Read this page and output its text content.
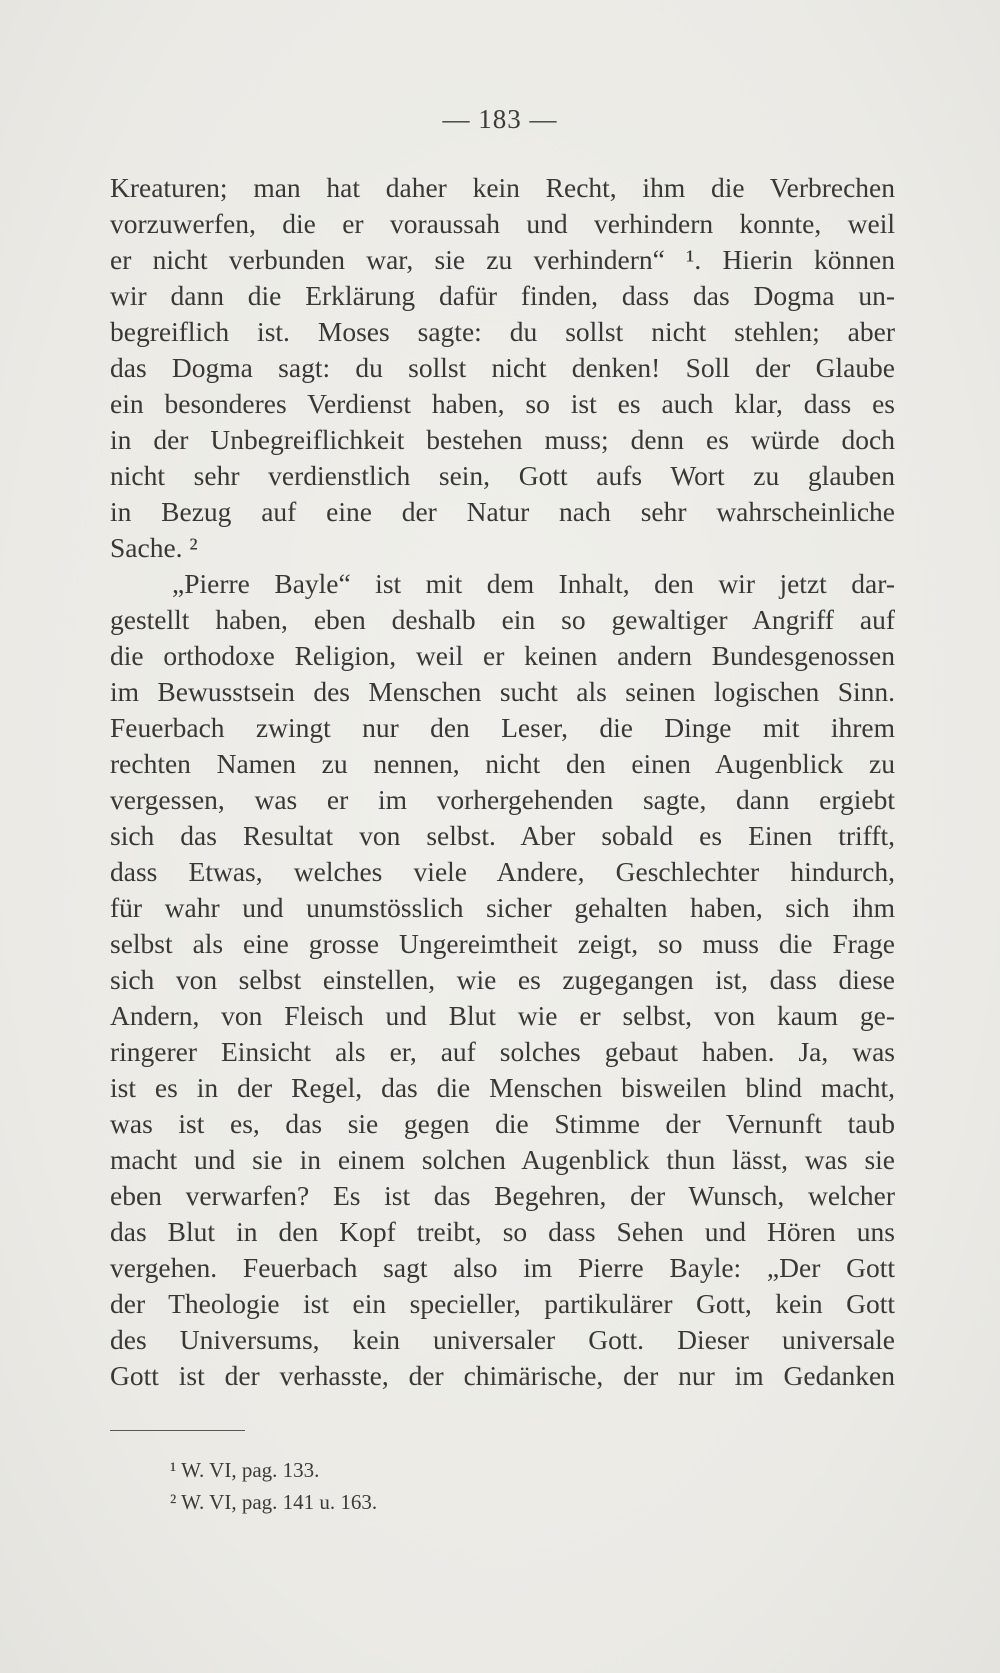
— 183 —
Kreaturen; man hat daher kein Recht, ihm die Verbrechen
vorzuwerfen, die er voraussah und verhindern konnte, weil
er nicht verbunden war, sie zu verhindern“ ¹. Hierin können
wir dann die Erklärung dafür finden, dass das Dogma un-
begreiflich ist. Moses sagte: du sollst nicht stehlen; aber
das Dogma sagt: du sollst nicht denken! Soll der Glaube
ein besonderes Verdienst haben, so ist es auch klar, dass es
in der Unbegreiflichkeit bestehen muss; denn es würde doch
nicht sehr verdienstlich sein, Gott aufs Wort zu glauben
in Bezug auf eine der Natur nach sehr wahrscheinliche
Sache. ²
„Pierre Bayle“ ist mit dem Inhalt, den wir jetzt dar-
gestellt haben, eben deshalb ein so gewaltiger Angriff auf
die orthodoxe Religion, weil er keinen andern Bundesgenossen
im Bewusstsein des Menschen sucht als seinen logischen Sinn.
Feuerbach zwingt nur den Leser, die Dinge mit ihrem
rechten Namen zu nennen, nicht den einen Augenblick zu
vergessen, was er im vorhergehenden sagte, dann ergiebt
sich das Resultat von selbst. Aber sobald es Einen trifft,
dass Etwas, welches viele Andere, Geschlechter hindurch,
für wahr und unumstösslich sicher gehalten haben, sich ihm
selbst als eine grosse Ungereimtheit zeigt, so muss die Frage
sich von selbst einstellen, wie es zugegangen ist, dass diese
Andern, von Fleisch und Blut wie er selbst, von kaum ge-
ringerer Einsicht als er, auf solches gebaut haben. Ja, was
ist es in der Regel, das die Menschen bisweilen blind macht,
was ist es, das sie gegen die Stimme der Vernunft taub
macht und sie in einem solchen Augenblick thun lässt, was sie
eben verwarfen? Es ist das Begehren, der Wunsch, welcher
das Blut in den Kopf treibt, so dass Sehen und Hören uns
vergehen. Feuerbach sagt also im Pierre Bayle: „Der Gott
der Theologie ist ein specieller, partikulärer Gott, kein Gott
des Universums, kein universaler Gott. Dieser universale
Gott ist der verhasste, der chimärische, der nur im Gedanken
¹ W. VI, pag. 133.
² W. VI, pag. 141 u. 163.
